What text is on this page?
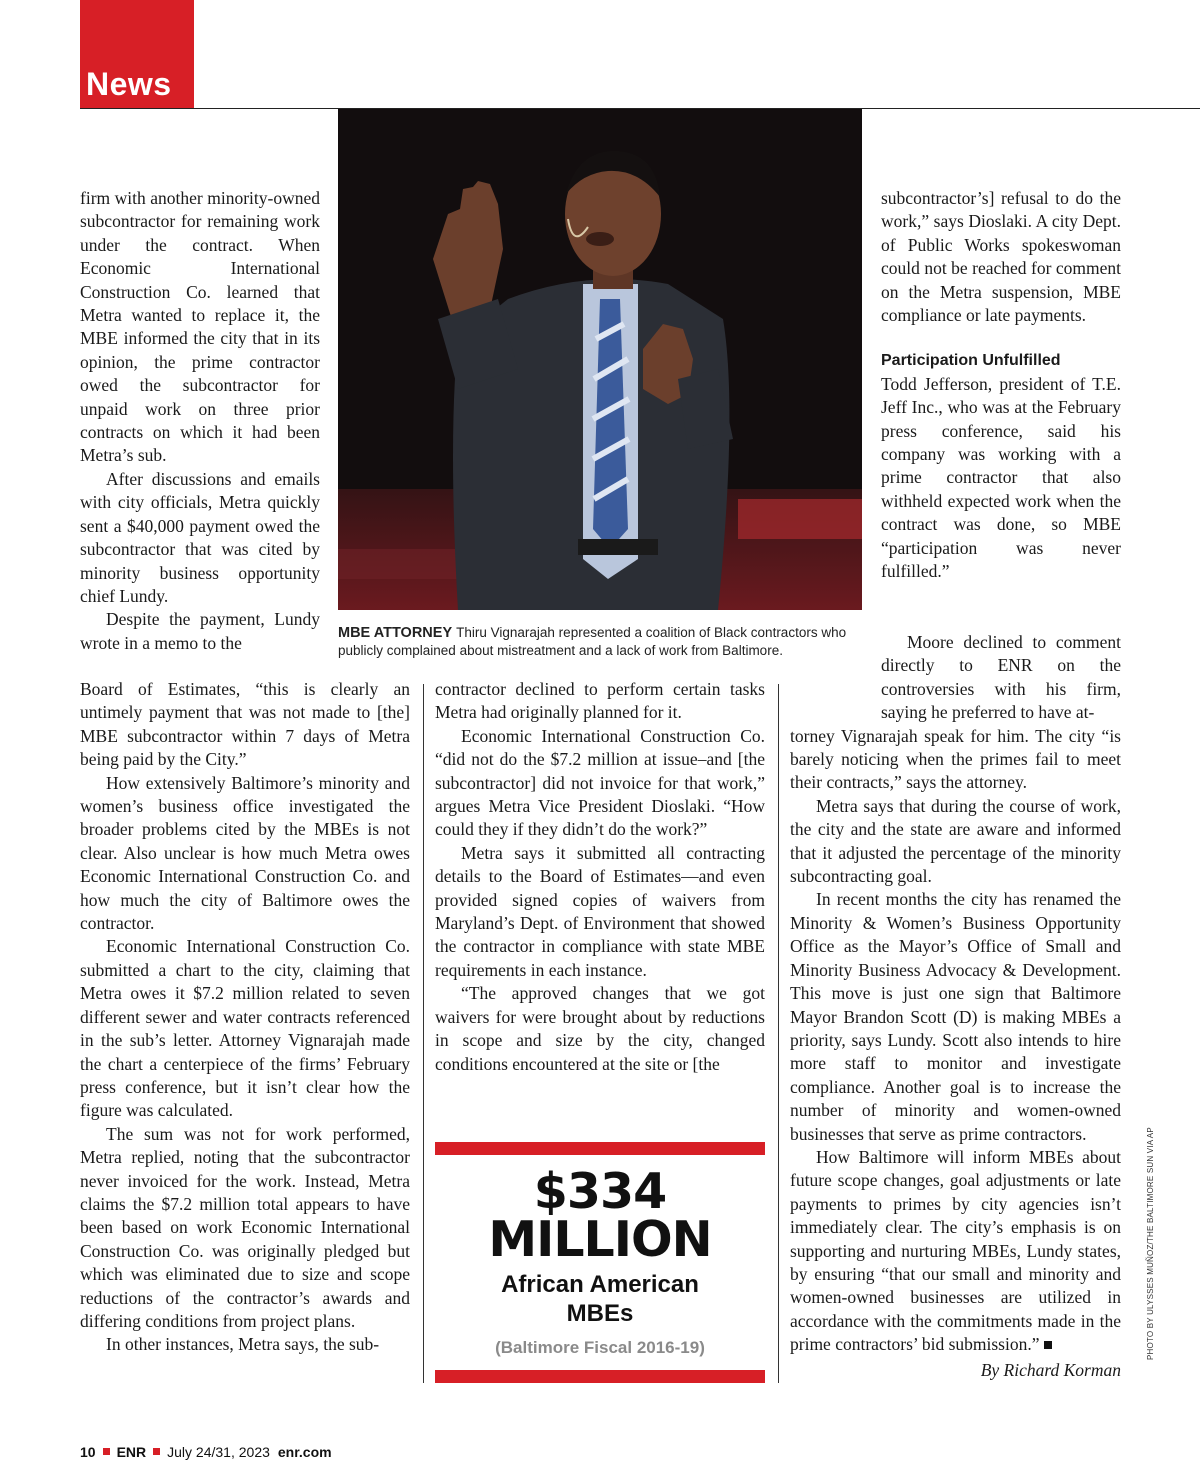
News
MBE ATTORNEY Thiru Vignarajah represented a coalition of Black contractors who publicly complained about mistreatment and a lack of work from Baltimore.

firm with another minority-owned subcontractor for remaining work under the contract. When Economic International Construction Co. learned that Metra wanted to replace it, the MBE informed the city that in its opinion, the prime contractor owed the subcontractor for unpaid work on three prior contracts on which it had been Metra’s sub.

After discussions and emails with city officials, Metra quickly sent a $40,000 payment owed the subcontractor that was cited by minority business opportunity chief Lundy.

Despite the payment, Lundy wrote in a memo to the

Board of Estimates, “this is clearly an untimely payment that was not made to [the] MBE subcontractor within 7 days of Metra being paid by the City.”

How extensively Baltimore’s minority and women’s business office investigated the broader problems cited by the MBEs is not clear. Also unclear is how much Metra owes Economic International Construction Co. and how much the city of Baltimore owes the contractor.

Economic International Construction Co. submitted a chart to the city, claiming that Metra owes it $7.2 million related to seven different sewer and water contracts referenced in the sub’s letter. Attorney Vignarajah made the chart a centerpiece of the firms’ February press conference, but it isn’t clear how the figure was calculated.

The sum was not for work performed, Metra replied, noting that the subcontractor never invoiced for the work. Instead, Metra claims the $7.2 million total appears to have been based on work Economic International Construction Co. was originally pledged but which was eliminated due to size and scope reductions of the contractor’s awards and differing conditions from project plans.

In other instances, Metra says, the sub-

contractor declined to perform certain tasks Metra had originally planned for it.

Economic International Construction Co. “did not do the $7.2 million at issue–and [the subcontractor] did not invoice for that work,” argues Metra Vice President Dioslaki. “How could they if they didn’t do the work?”

Metra says it submitted all contracting details to the Board of Estimates—and even provided signed copies of waivers from Maryland’s Dept. of Environment that showed the contractor in compliance with state MBE requirements in each instance.

“The approved changes that we got waivers for were brought about by reductions in scope and size by the city, changed conditions encountered at the site or [the

$334
MILLION
African American
MBEs
(Baltimore Fiscal 2016-19)

subcontractor’s] refusal to do the work,” says Dioslaki. A city Dept. of Public Works spokeswoman could not be reached for comment on the Metra suspension, MBE compliance or late payments.

Participation Unfulfilled

Todd Jefferson, president of T.E. Jeff Inc., who was at the February press conference, said his company was working with a prime contractor that also withheld expected work when the contract was done, so MBE “participation was never fulfilled.”

Moore declined to comment directly to ENR on the controversies with his firm, saying he preferred to have at-

torney Vignarajah speak for him. The city “is barely noticing when the primes fail to meet their contracts,” says the attorney.

Metra says that during the course of work, the city and the state are aware and informed that it adjusted the percentage of the minority subcontracting goal.

In recent months the city has renamed the Minority & Women’s Business Opportunity Office as the Mayor’s Office of Small and Minority Business Advocacy & Development. This move is just one sign that Baltimore Mayor Brandon Scott (D) is making MBEs a priority, says Lundy. Scott also intends to hire more staff to monitor and investigate compliance. Another goal is to increase the number of minority and women-owned businesses that serve as prime contractors.

How Baltimore will inform MBEs about future scope changes, goal adjustments or late payments to primes by city agencies isn’t immediately clear. The city’s emphasis is on supporting and nurturing MBEs, Lundy states, by ensuring “that our small and minority and women-owned businesses are utilized in accordance with the commitments made in the prime contractors’ bid submission.”

By Richard Korman
PHOTO BY ULYSSES MUÑOZ/THE BALTIMORE SUN VIA AP
10 ENR July 24/31, 2023 enr.com
